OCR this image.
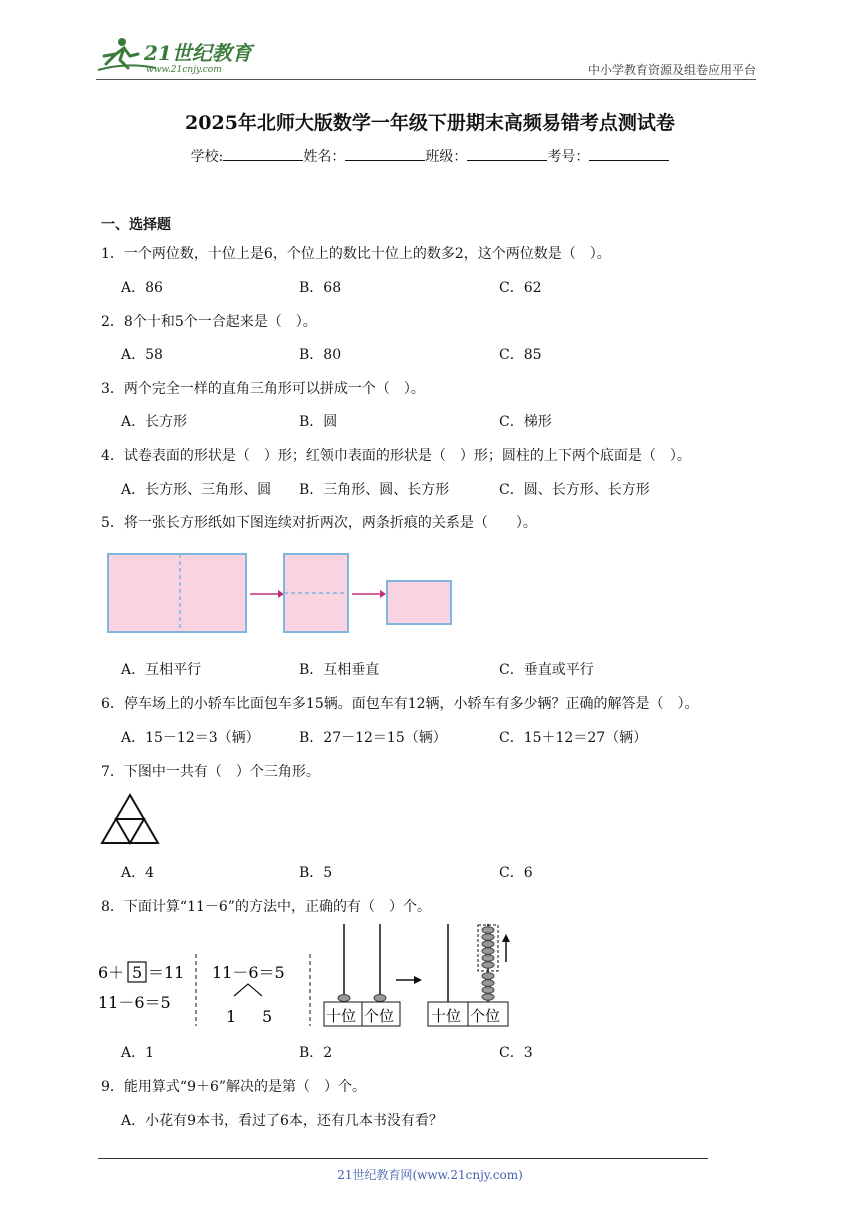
21世纪教育
www.21cnjy.com	中小学教育资源及组卷应用平台
2025年北师大版数学一年级下册期末高频易错考点测试卷
学校:	姓名：	班级：	考号：
一、选择题
1．一个两位数，十位上是6，个位上的数比十位上的数多2，这个两位数是（　）。
A．86	B．68	C．62
2．8个十和5个一合起来是（　）。
A．58	B．80	C．85
3．两个完全一样的直角三角形可以拼成一个（　）。
A．长方形	B．圆	C．梯形
4．试卷表面的形状是（　）形；红领巾表面的形状是（　）形；圆柱的上下两个底面是（　）。
A．长方形、三角形、圆 B．三角形、圆、长方形	C．圆、长方形、长方形
5．将一张长方形纸如下图连续对折两次，两条折痕的关系是（　　）。
A．互相平行	B．互相垂直	C．垂直或平行
6．停车场上的小轿车比面包车多15辆。面包车有12辆，小轿车有多少辆？正确的解答是（　）。
A．15－12＝3（辆）	B．27－12＝15（辆）	C．15＋12＝27（辆）
7．下图中一共有（　）个三角形。
A．4	B．5	C．6
8．下面计算“11－6”的方法中，正确的有（　）个。
6＋ 5 ＝11
11－6＝5
11－6＝5
1 5	十位 个位 十位 个位
A．1	B．2	C．3
9．能用算式“9＋6”解决的是第（　）个。
A．小花有9本书，看过了6本，还有几本书没有看？
21世纪教育网(www.21cnjy.com)
